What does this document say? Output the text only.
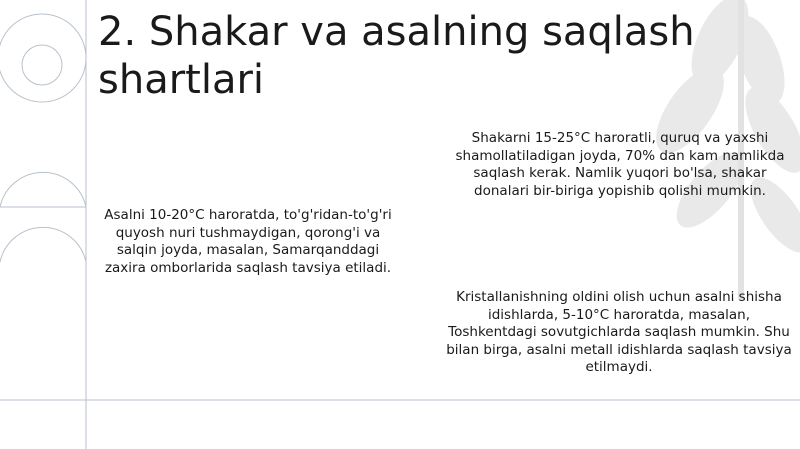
2. Shakar va asalning saqlash shartlari

Shakarni 15-25°C haroratli, quruq va yaxshi shamollatiladigan joyda, 70% dan kam namlikda saqlash kerak. Namlik yuqori bo'lsa, shakar donalari bir-biriga yopishib qolishi mumkin.

Asalni 10-20°C haroratda, to'g'ridan-to'g'ri quyosh nuri tushmaydigan, qorong'i va salqin joyda, masalan, Samarqanddagi zaxira omborlarida saqlash tavsiya etiladi.

Kristallanishning oldini olish uchun asalni shisha idishlarda, 5-10°C haroratda, masalan, Toshkentdagi sovutgichlarda saqlash mumkin. Shu bilan birga, asalni metall idishlarda saqlash tavsiya etilmaydi.
